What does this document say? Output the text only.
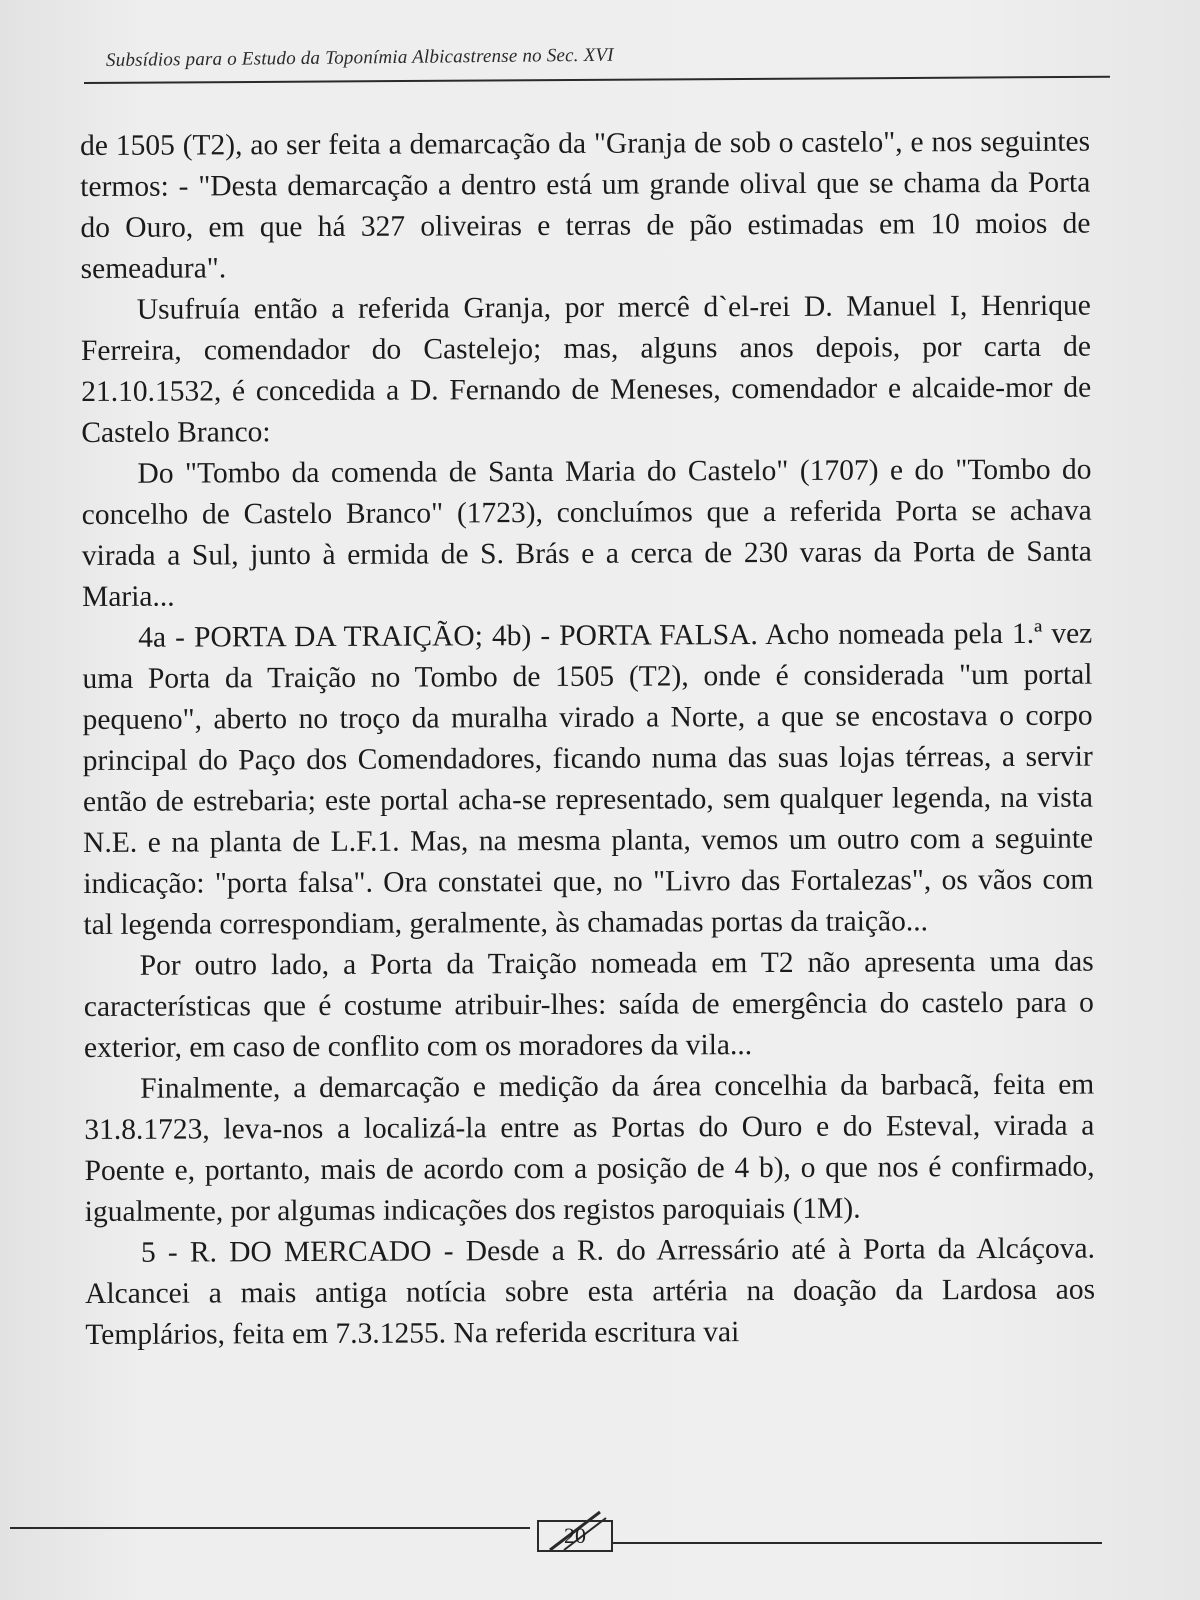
Subsídios para o Estudo da Toponímia Albicastrense no Sec. XVI

de 1505 (T2), ao ser feita a demarcação da "Granja de sob o castelo", e nos seguintes termos: - "Desta demarcação a dentro está um grande olival que se chama da Porta do Ouro, em que há 327 oliveiras e terras de pão estimadas em 10 moios de semeadura".

Usufruía então a referida Granja, por mercê d`el-rei D. Manuel I, Henrique Ferreira, comendador do Castelejo; mas, alguns anos depois, por carta de 21.10.1532, é concedida a D. Fernando de Meneses, comendador e alcaide-mor de Castelo Branco:

Do "Tombo da comenda de Santa Maria do Castelo" (1707) e do "Tombo do concelho de Castelo Branco" (1723), concluímos que a referida Porta se achava virada a Sul, junto à ermida de S. Brás e a cerca de 230 varas da Porta de Santa Maria...

4a - PORTA DA TRAIÇÃO; 4b) - PORTA FALSA. Acho nomeada pela 1.ª vez uma Porta da Traição no Tombo de 1505 (T2), onde é considerada "um portal pequeno", aberto no troço da muralha virado a Norte, a que se encostava o corpo principal do Paço dos Comendadores, ficando numa das suas lojas térreas, a servir então de estrebaria; este portal acha-se representado, sem qualquer legenda, na vista N.E. e na planta de L.F.1. Mas, na mesma planta, vemos um outro com a seguinte indicação: "porta falsa". Ora constatei que, no "Livro das Fortalezas", os vãos com tal legenda correspondiam, geralmente, às chamadas portas da traição...

Por outro lado, a Porta da Traição nomeada em T2 não apresenta uma das características que é costume atribuir-lhes: saída de emergência do castelo para o exterior, em caso de conflito com os moradores da vila...

Finalmente, a demarcação e medição da área concelhia da barbacã, feita em 31.8.1723, leva-nos a localizá-la entre as Portas do Ouro e do Esteval, virada a Poente e, portanto, mais de acordo com a posição de 4 b), o que nos é confirmado, igualmente, por algumas indicações dos registos paroquiais (1M).

5 - R. DO MERCADO - Desde a R. do Arressário até à Porta da Alcáçova. Alcancei a mais antiga notícia sobre esta artéria na doação da Lardosa aos Templários, feita em 7.3.1255. Na referida escritura vai

20
